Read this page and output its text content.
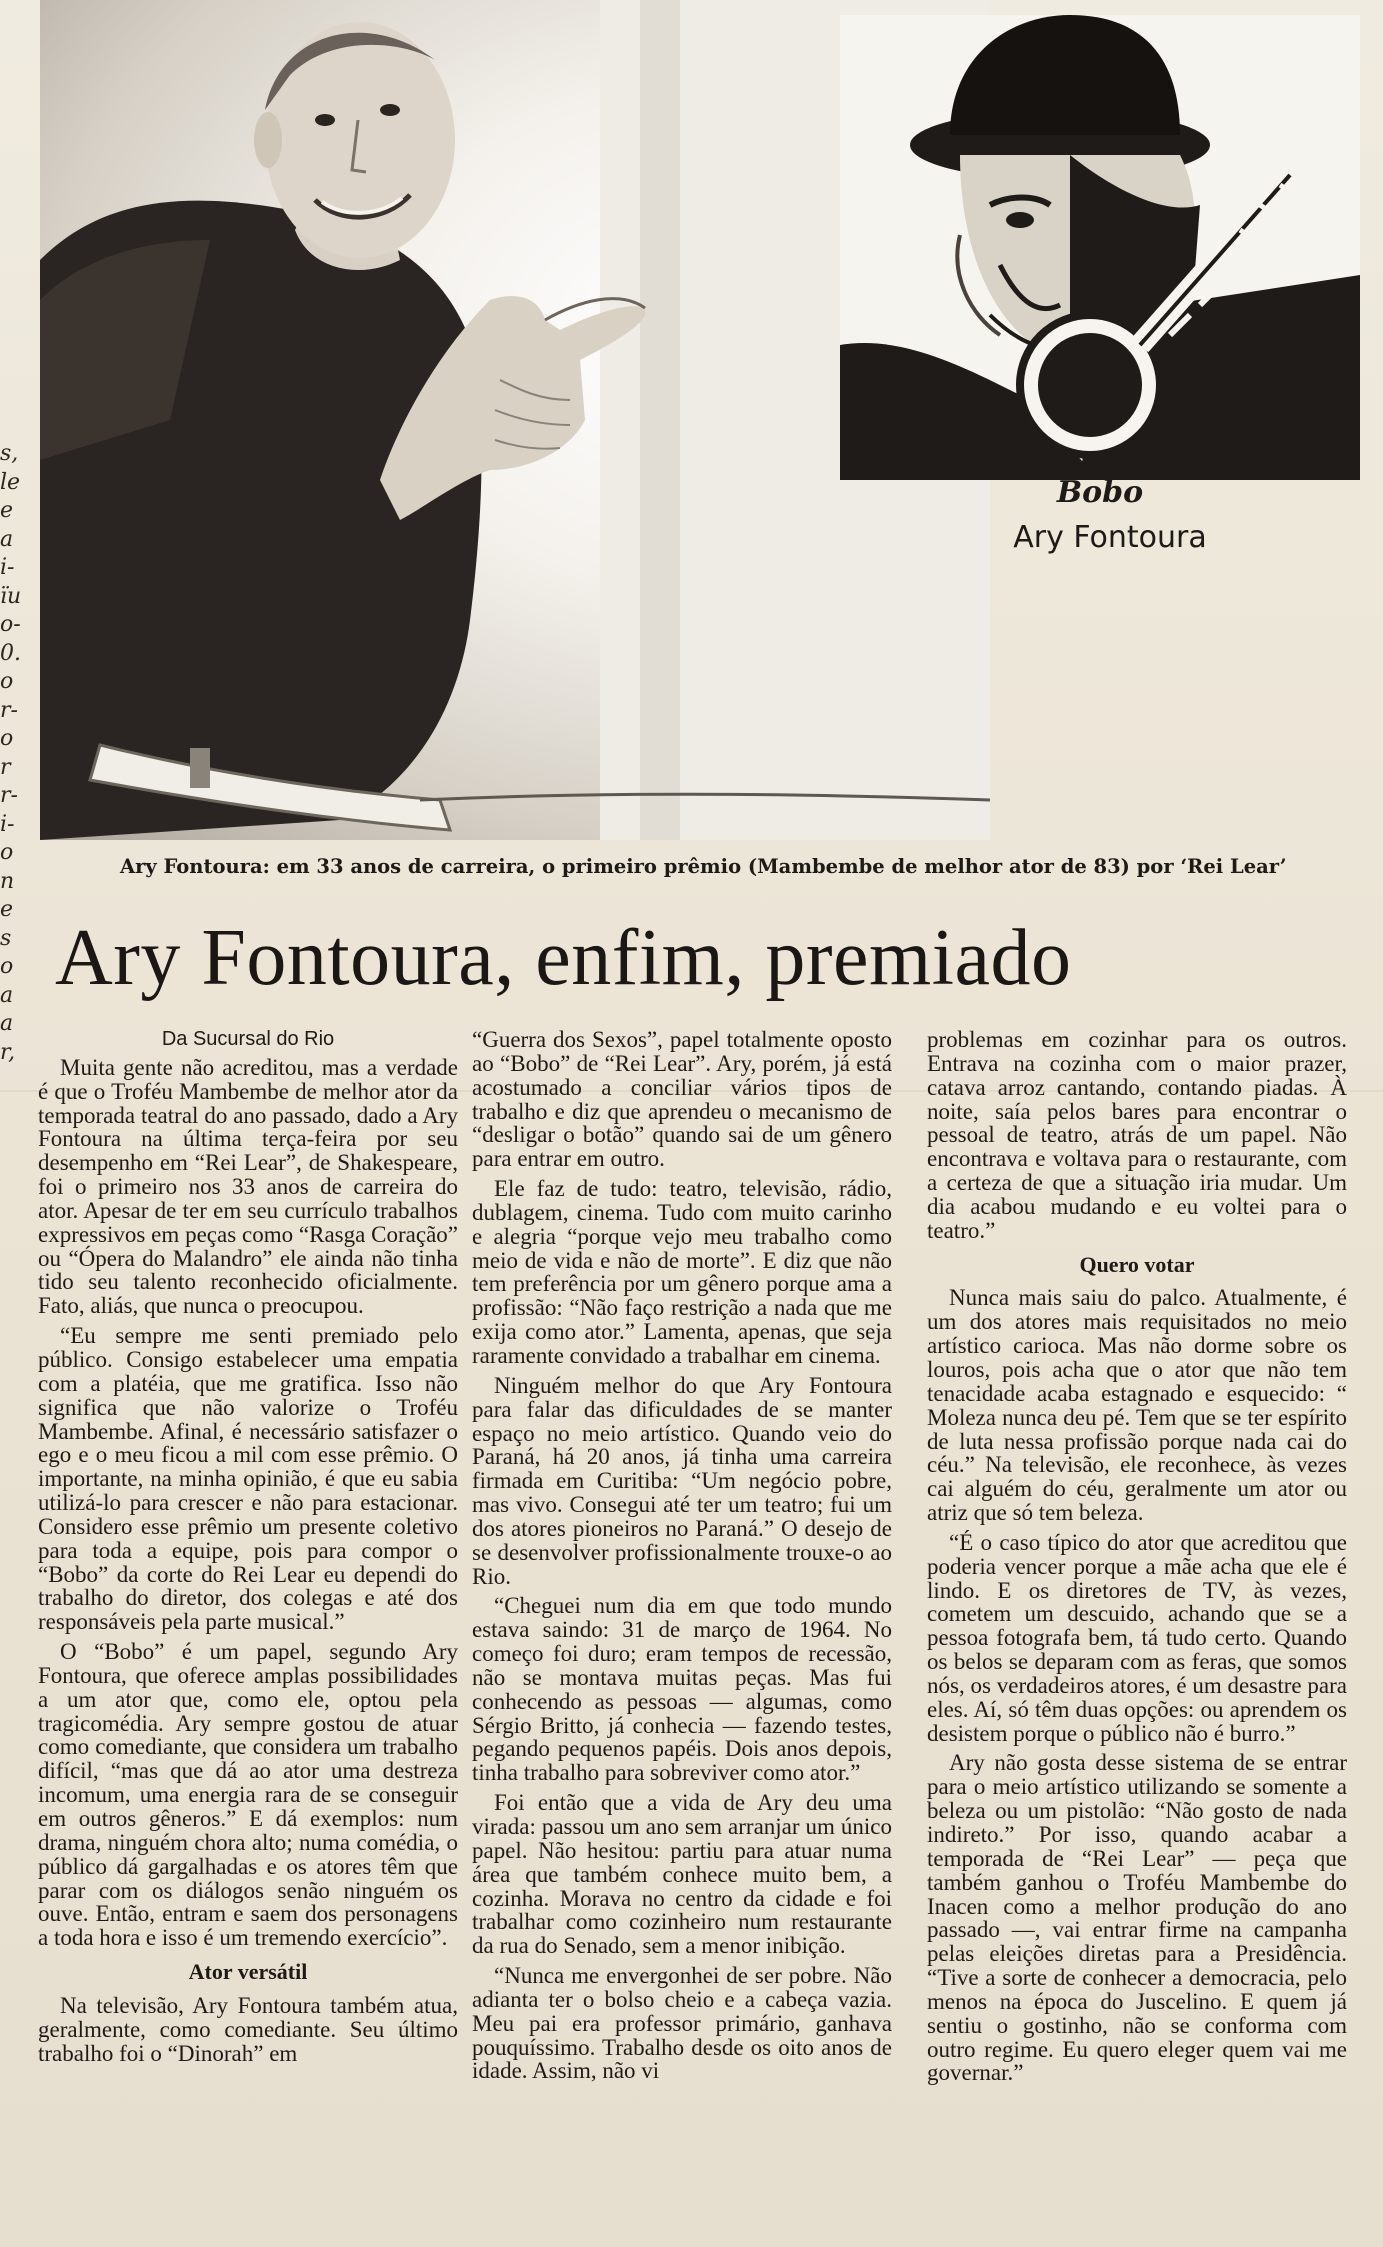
s,
le
e
a
i-
ïu
o-
0.
o
r-
o
r
r-
i-
o
n
e
s
o
a
a
r,
Bobo
Ary Fontoura
Ary Fontoura: em 33 anos de carreira, o primeiro prêmio (Mambembe de melhor ator de 83) por ‘Rei Lear’
Ary Fontoura, enfim, premiado
Da Sucursal do Rio

Muita gente não acreditou, mas a verdade é que o Troféu Mambembe de melhor ator da temporada teatral do ano passado, dado a Ary Fontoura na última terça-feira por seu desempenho em “Rei Lear”, de Shakespeare, foi o primeiro nos 33 anos de carreira do ator. Apesar de ter em seu currículo trabalhos expressivos em peças como “Rasga Coração” ou “Ópera do Malandro” ele ainda não tinha tido seu talento reconhecido oficialmente. Fato, aliás, que nunca o preocupou.

“Eu sempre me senti premiado pelo público. Consigo estabelecer uma empatia com a platéia, que me gratifica. Isso não significa que não valorize o Troféu Mambembe. Afinal, é necessário satisfazer o ego e o meu ficou a mil com esse prêmio. O importante, na minha opinião, é que eu sabia utilizá-lo para crescer e não para estacionar. Considero esse prêmio um presente coletivo para toda a equipe, pois para compor o “Bobo” da corte do Rei Lear eu dependi do trabalho do diretor, dos colegas e até dos responsáveis pela parte musical.”

O “Bobo” é um papel, segundo Ary Fontoura, que oferece amplas possibilidades a um ator que, como ele, optou pela tragicomédia. Ary sempre gostou de atuar como comediante, que considera um trabalho difícil, “mas que dá ao ator uma destreza incomum, uma energia rara de se conseguir em outros gêneros.” E dá exemplos: num drama, ninguém chora alto; numa comédia, o público dá gargalhadas e os atores têm que parar com os diálogos senão ninguém os ouve. Então, entram e saem dos personagens a toda hora e isso é um tremendo exercício”.

Ator versátil

Na televisão, Ary Fontoura também atua, geralmente, como comediante. Seu último trabalho foi o “Dinorah” em

“Guerra dos Sexos”, papel totalmente oposto ao “Bobo” de “Rei Lear”. Ary, porém, já está acostumado a conciliar vários tipos de trabalho e diz que aprendeu o mecanismo de “desligar o botão” quando sai de um gênero para entrar em outro.

Ele faz de tudo: teatro, televisão, rádio, dublagem, cinema. Tudo com muito carinho e alegria “porque vejo meu trabalho como meio de vida e não de morte”. E diz que não tem preferência por um gênero porque ama a profissão: “Não faço restrição a nada que me exija como ator.” Lamenta, apenas, que seja raramente convidado a trabalhar em cinema.

Ninguém melhor do que Ary Fontoura para falar das dificuldades de se manter espaço no meio artístico. Quando veio do Paraná, há 20 anos, já tinha uma carreira firmada em Curitiba: “Um negócio pobre, mas vivo. Consegui até ter um teatro; fui um dos atores pioneiros no Paraná.” O desejo de se desenvolver profissionalmente trouxe-o ao Rio.

“Cheguei num dia em que todo mundo estava saindo: 31 de março de 1964. No começo foi duro; eram tempos de recessão, não se montava muitas peças. Mas fui conhecendo as pessoas — algumas, como Sérgio Britto, já conhecia — fazendo testes, pegando pequenos papéis. Dois anos depois, tinha trabalho para sobreviver como ator.”

Foi então que a vida de Ary deu uma virada: passou um ano sem arranjar um único papel. Não hesitou: partiu para atuar numa área que também conhece muito bem, a cozinha. Morava no centro da cidade e foi trabalhar como cozinheiro num restaurante da rua do Senado, sem a menor inibição.

“Nunca me envergonhei de ser pobre. Não adianta ter o bolso cheio e a cabeça vazia. Meu pai era professor primário, ganhava pouquíssimo. Trabalho desde os oito anos de idade. Assim, não vi

problemas em cozinhar para os outros. Entrava na cozinha com o maior prazer, catava arroz cantando, contando piadas. À noite, saía pelos bares para encontrar o pessoal de teatro, atrás de um papel. Não encontrava e voltava para o restaurante, com a certeza de que a situação iria mudar. Um dia acabou mudando e eu voltei para o teatro.”

Quero votar

Nunca mais saiu do palco. Atualmente, é um dos atores mais requisitados no meio artístico carioca. Mas não dorme sobre os louros, pois acha que o ator que não tem tenacidade acaba estagnado e esquecido: “ Moleza nunca deu pé. Tem que se ter espírito de luta nessa profissão porque nada cai do céu.” Na televisão, ele reconhece, às vezes cai alguém do céu, geralmente um ator ou atriz que só tem beleza.

“É o caso típico do ator que acreditou que poderia vencer porque a mãe acha que ele é lindo. E os diretores de TV, às vezes, cometem um descuido, achando que se a pessoa fotografa bem, tá tudo certo. Quando os belos se deparam com as feras, que somos nós, os verdadeiros atores, é um desastre para eles. Aí, só têm duas opções: ou aprendem os desistem porque o público não é burro.”

Ary não gosta desse sistema de se entrar para o meio artístico utilizando se somente a beleza ou um pistolão: “Não gosto de nada indireto.” Por isso, quando acabar a temporada de “Rei Lear” — peça que também ganhou o Troféu Mambembe do Inacen como a melhor produção do ano passado —, vai entrar firme na campanha pelas eleições diretas para a Presidência. “Tive a sorte de conhecer a democracia, pelo menos na época do Juscelino. E quem já sentiu o gostinho, não se conforma com outro regime. Eu quero eleger quem vai me governar.”
